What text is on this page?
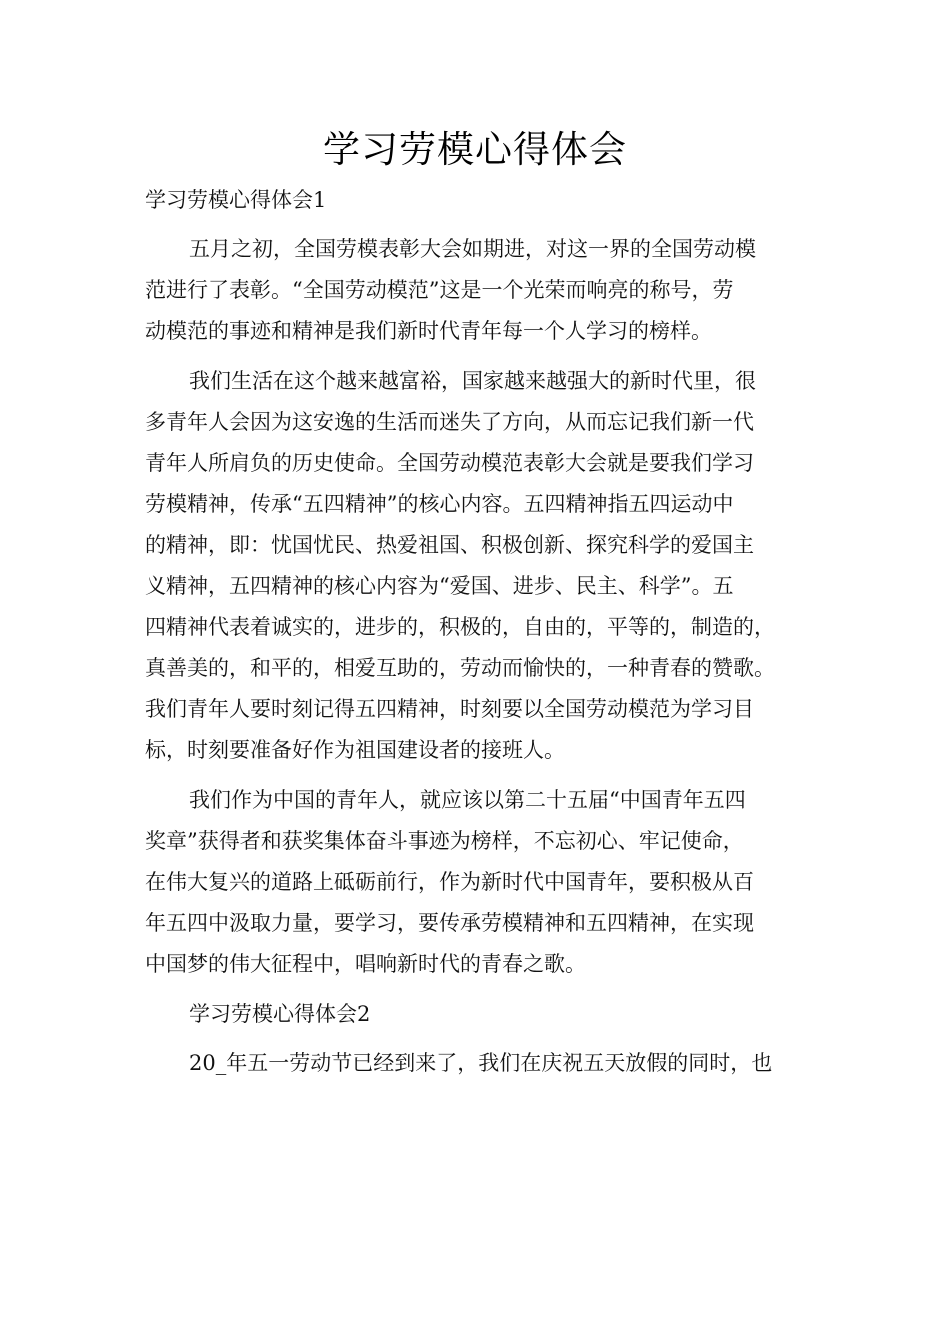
学习劳模心得体会
学习劳模心得体会1
五月之初，全国劳模表彰大会如期进，对这一界的全国劳动模
范进行了表彰。“全国劳动模范”这是一个光荣而响亮的称号，劳
动模范的事迹和精神是我们新时代青年每一个人学习的榜样。
我们生活在这个越来越富裕，国家越来越强大的新时代里，很
多青年人会因为这安逸的生活而迷失了方向，从而忘记我们新一代
青年人所肩负的历史使命。全国劳动模范表彰大会就是要我们学习
劳模精神，传承“五四精神”的核心内容。五四精神指五四运动中
的精神，即：忧国忧民、热爱祖国、积极创新、探究科学的爱国主
义精神，五四精神的核心内容为“爱国、进步、民主、科学”。五
四精神代表着诚实的，进步的，积极的，自由的，平等的，制造的，
真善美的，和平的，相爱互助的，劳动而愉快的，一种青春的赞歌。
我们青年人要时刻记得五四精神，时刻要以全国劳动模范为学习目
标，时刻要准备好作为祖国建设者的接班人。
我们作为中国的青年人，就应该以第二十五届“中国青年五四
奖章”获得者和获奖集体奋斗事迹为榜样，不忘初心、牢记使命，
在伟大复兴的道路上砥砺前行，作为新时代中国青年，要积极从百
年五四中汲取力量，要学习，要传承劳模精神和五四精神，在实现
中国梦的伟大征程中，唱响新时代的青春之歌。
学习劳模心得体会2
20_年五一劳动节已经到来了，我们在庆祝五天放假的同时，也
